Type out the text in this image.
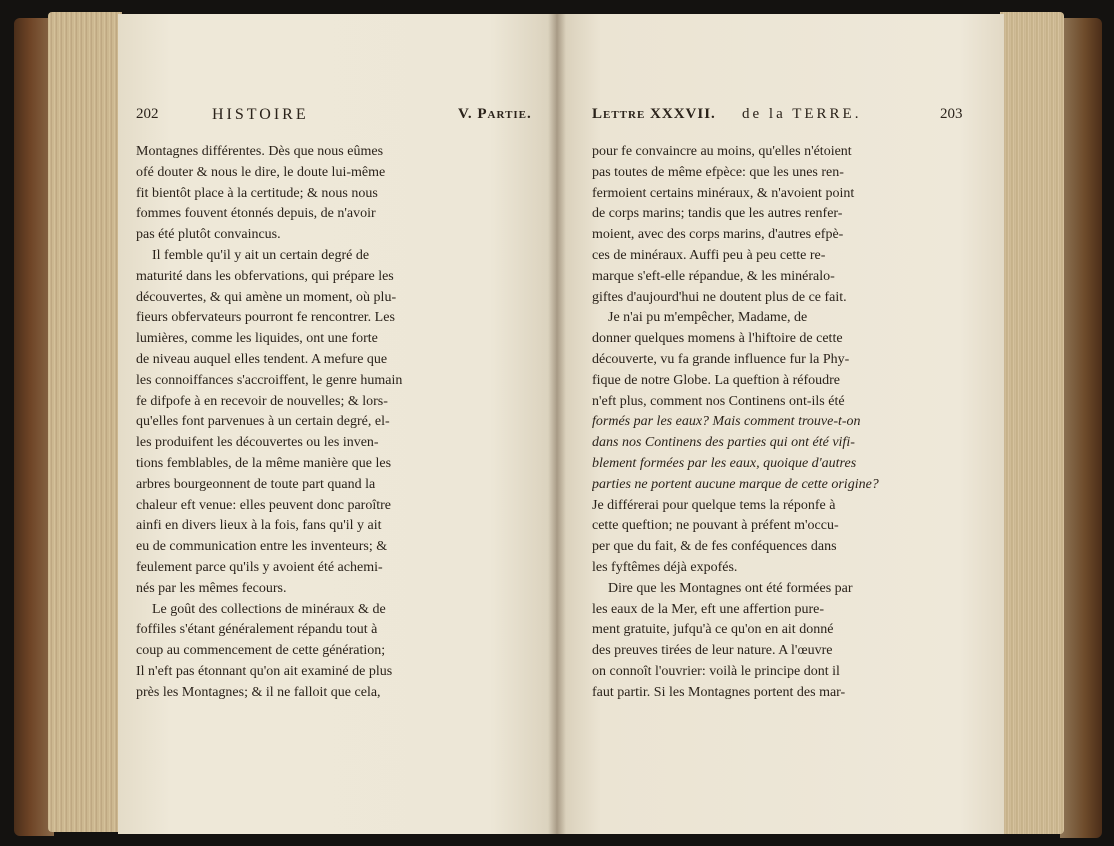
202	HISTOIRE	V. Partie.
Montagnes différentes. Dès que nous eûmes
ofé douter & nous le dire, le doute lui-même
fit bientôt place à la certitude; & nous nous
fommes fouvent étonnés depuis, de n'avoir
pas été plutôt convaincus.
Il femble qu'il y ait un certain degré de
maturité dans les obfervations, qui prépare les
découvertes, & qui amène un moment, où plu-
fieurs obfervateurs pourront fe rencontrer. Les
lumières, comme les liquides, ont une forte
de niveau auquel elles tendent. A mefure que
les connoiffances s'accroiffent, le genre humain
fe difpofe à en recevoir de nouvelles; & lors-
qu'elles font parvenues à un certain degré, el-
les produifent les découvertes ou les inven-
tions femblables, de la même manière que les
arbres bourgeonnent de toute part quand la
chaleur eft venue: elles peuvent donc paroître
ainfi en divers lieux à la fois, fans qu'il y ait
eu de communication entre les inventeurs; &
feulement parce qu'ils y avoient été achemi-
nés par les mêmes fecours.
Le goût des collections de minéraux & de
foffiles s'étant généralement répandu tout à
coup au commencement de cette génération;
Il n'eft pas étonnant qu'on ait examiné de plus
près les Montagnes; & il ne falloit que cela,
Lettre XXXVII. de la TERRE.	203
pour fe convaincre au moins, qu'elles n'étoient
pas toutes de même efpèce: que les unes ren-
fermoient certains minéraux, & n'avoient point
de corps marins; tandis que les autres renfer-
moient, avec des corps marins, d'autres efpè-
ces de minéraux. Auffi peu à peu cette re-
marque s'eft-elle répandue, & les minéralo-
giftes d'aujourd'hui ne doutent plus de ce fait.
Je n'ai pu m'empêcher, Madame, de
donner quelques momens à l'hiftoire de cette
découverte, vu fa grande influence fur la Phy-
fique de notre Globe. La queftion à réfoudre
n'eft plus, comment nos Continens ont-ils été
formés par les eaux? Mais comment trouve-t-on
dans nos Continens des parties qui ont été vifi-
blement formées par les eaux, quoique d'autres
parties ne portent aucune marque de cette origine?
Je différerai pour quelque tems la réponfe à
cette queftion; ne pouvant à préfent m'occu-
per que du fait, & de fes conféquences dans
les fyftêmes déjà expofés.
Dire que les Montagnes ont été formées par
les eaux de la Mer, eft une affertion pure-
ment gratuite, jufqu'à ce qu'on en ait donné
des preuves tirées de leur nature. A l'œuvre
on connoît l'ouvrier: voilà le principe dont il
faut partir. Si les Montagnes portent des mar-
